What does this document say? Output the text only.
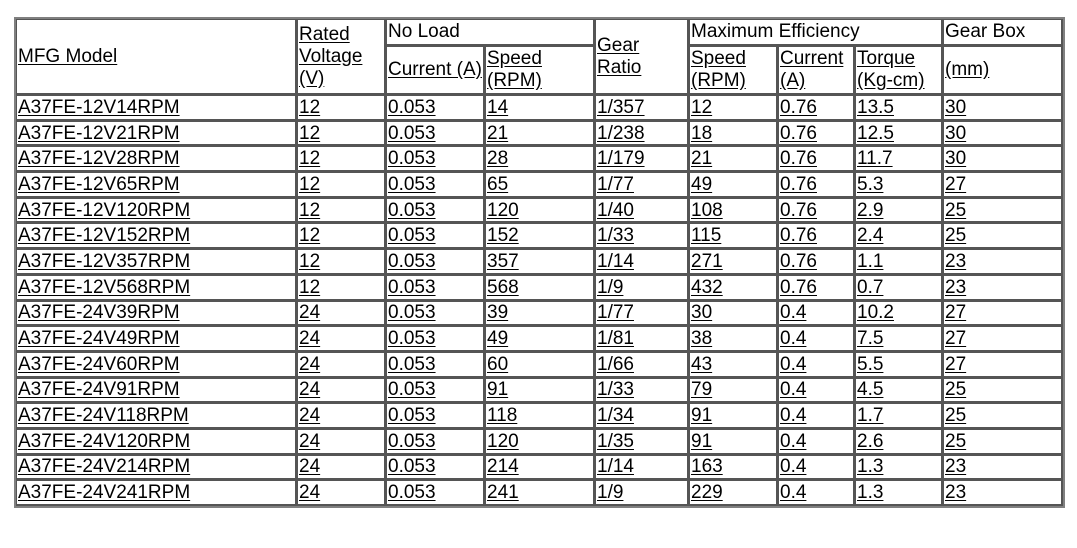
MFG Model	Rated Voltage (V)	No Load		Gear Ratio	Maximum Efficiency			Gear Box
		Current (A)	Speed (RPM)		Speed (RPM)	Current (A)	Torque (Kg-cm)	(mm)
A37FE-12V14RPM	12	0.053	14	1/357	12	0.76	13.5	30
A37FE-12V21RPM	12	0.053	21	1/238	18	0.76	12.5	30
A37FE-12V28RPM	12	0.053	28	1/179	21	0.76	11.7	30
A37FE-12V65RPM	12	0.053	65	1/77	49	0.76	5.3	27
A37FE-12V120RPM	12	0.053	120	1/40	108	0.76	2.9	25
A37FE-12V152RPM	12	0.053	152	1/33	115	0.76	2.4	25
A37FE-12V357RPM	12	0.053	357	1/14	271	0.76	1.1	23
A37FE-12V568RPM	12	0.053	568	1/9	432	0.76	0.7	23
A37FE-24V39RPM	24	0.053	39	1/77	30	0.4	10.2	27
A37FE-24V49RPM	24	0.053	49	1/81	38	0.4	7.5	27
A37FE-24V60RPM	24	0.053	60	1/66	43	0.4	5.5	27
A37FE-24V91RPM	24	0.053	91	1/33	79	0.4	4.5	25
A37FE-24V118RPM	24	0.053	118	1/34	91	0.4	1.7	25
A37FE-24V120RPM	24	0.053	120	1/35	91	0.4	2.6	25
A37FE-24V214RPM	24	0.053	214	1/14	163	0.4	1.3	23
A37FE-24V241RPM	24	0.053	241	1/9	229	0.4	1.3	23
